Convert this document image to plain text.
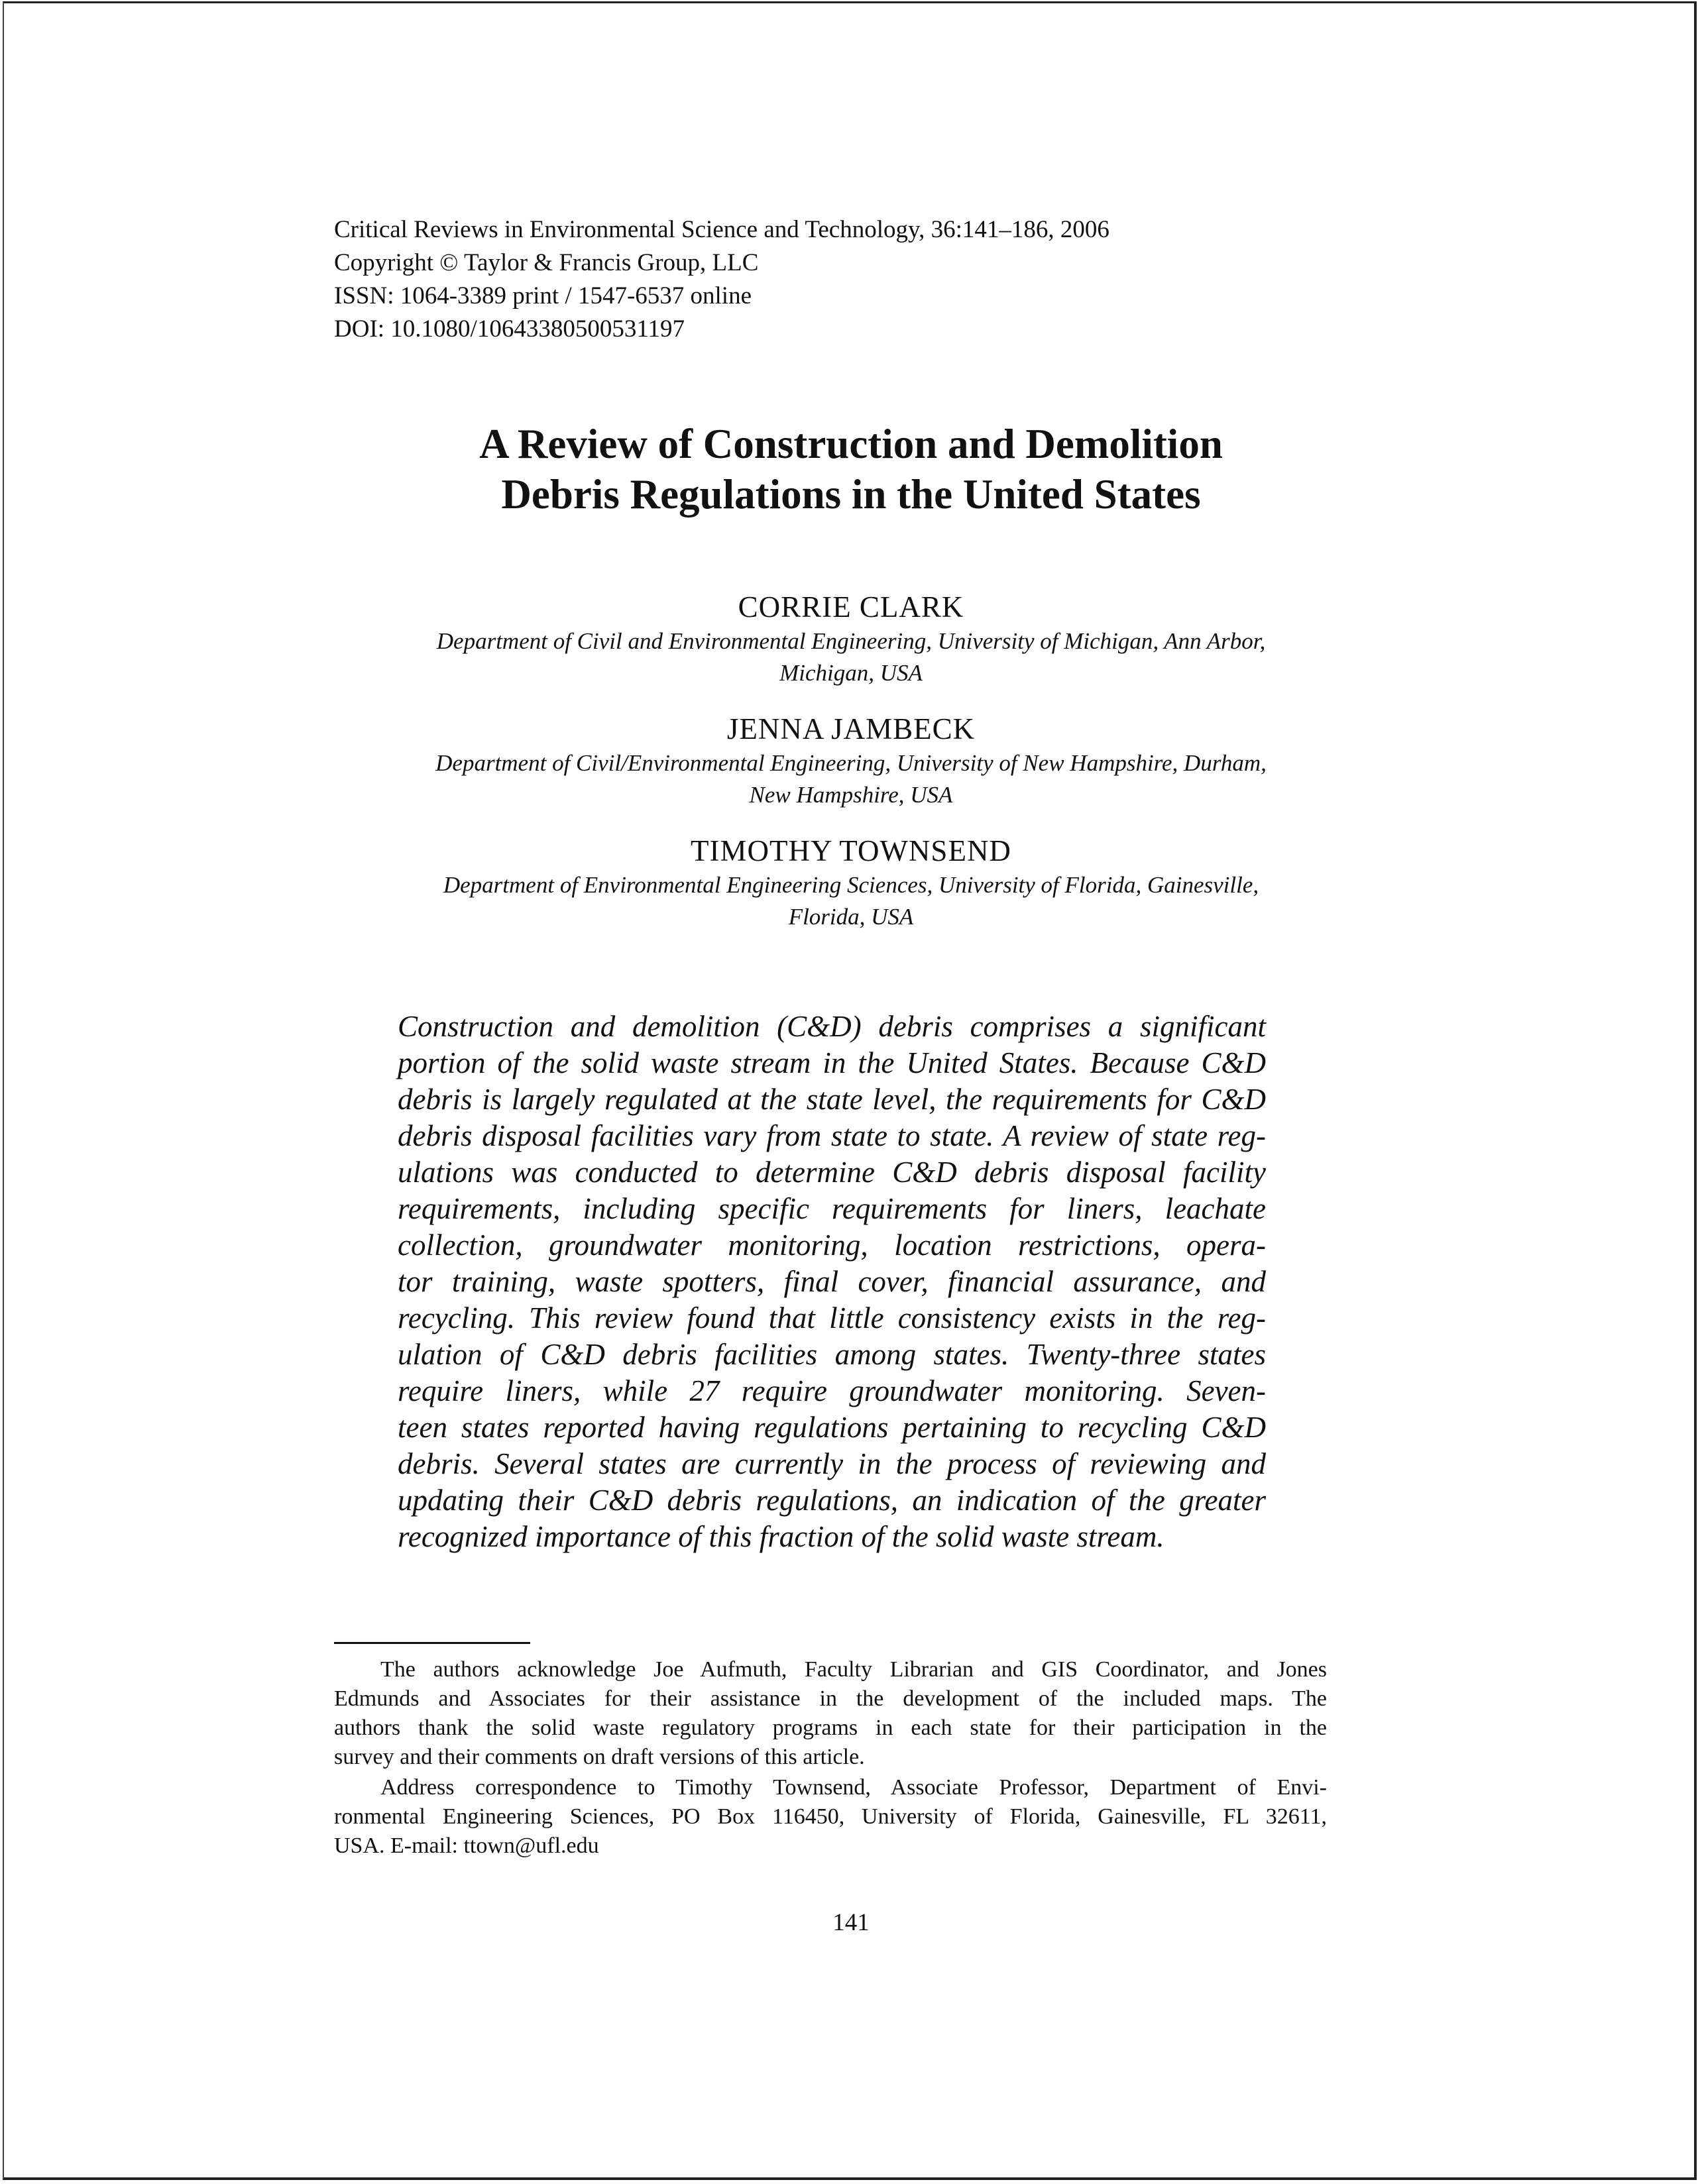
Critical Reviews in Environmental Science and Technology, 36:141–186, 2006
Copyright © Taylor & Francis Group, LLC
ISSN: 1064-3389 print / 1547-6537 online
DOI: 10.1080/10643380500531197
A Review of Construction and Demolition
Debris Regulations in the United States
CORRIE CLARK
Department of Civil and Environmental Engineering, University of Michigan, Ann Arbor,
Michigan, USA
JENNA JAMBECK
Department of Civil/Environmental Engineering, University of New Hampshire, Durham,
New Hampshire, USA
TIMOTHY TOWNSEND
Department of Environmental Engineering Sciences, University of Florida, Gainesville,
Florida, USA
Construction and demolition (C&D) debris comprises a significant
portion of the solid waste stream in the United States. Because C&D
debris is largely regulated at the state level, the requirements for C&D
debris disposal facilities vary from state to state. A review of state reg-
ulations was conducted to determine C&D debris disposal facility
requirements, including specific requirements for liners, leachate
collection, groundwater monitoring, location restrictions, opera-
tor training, waste spotters, final cover, financial assurance, and
recycling. This review found that little consistency exists in the reg-
ulation of C&D debris facilities among states. Twenty-three states
require liners, while 27 require groundwater monitoring. Seven-
teen states reported having regulations pertaining to recycling C&D
debris. Several states are currently in the process of reviewing and
updating their C&D debris regulations, an indication of the greater
recognized importance of this fraction of the solid waste stream.
The authors acknowledge Joe Aufmuth, Faculty Librarian and GIS Coordinator, and Jones
Edmunds and Associates for their assistance in the development of the included maps. The
authors thank the solid waste regulatory programs in each state for their participation in the
survey and their comments on draft versions of this article.
Address correspondence to Timothy Townsend, Associate Professor, Department of Envi-
ronmental Engineering Sciences, PO Box 116450, University of Florida, Gainesville, FL 32611,
USA. E-mail: ttown@ufl.edu
141
